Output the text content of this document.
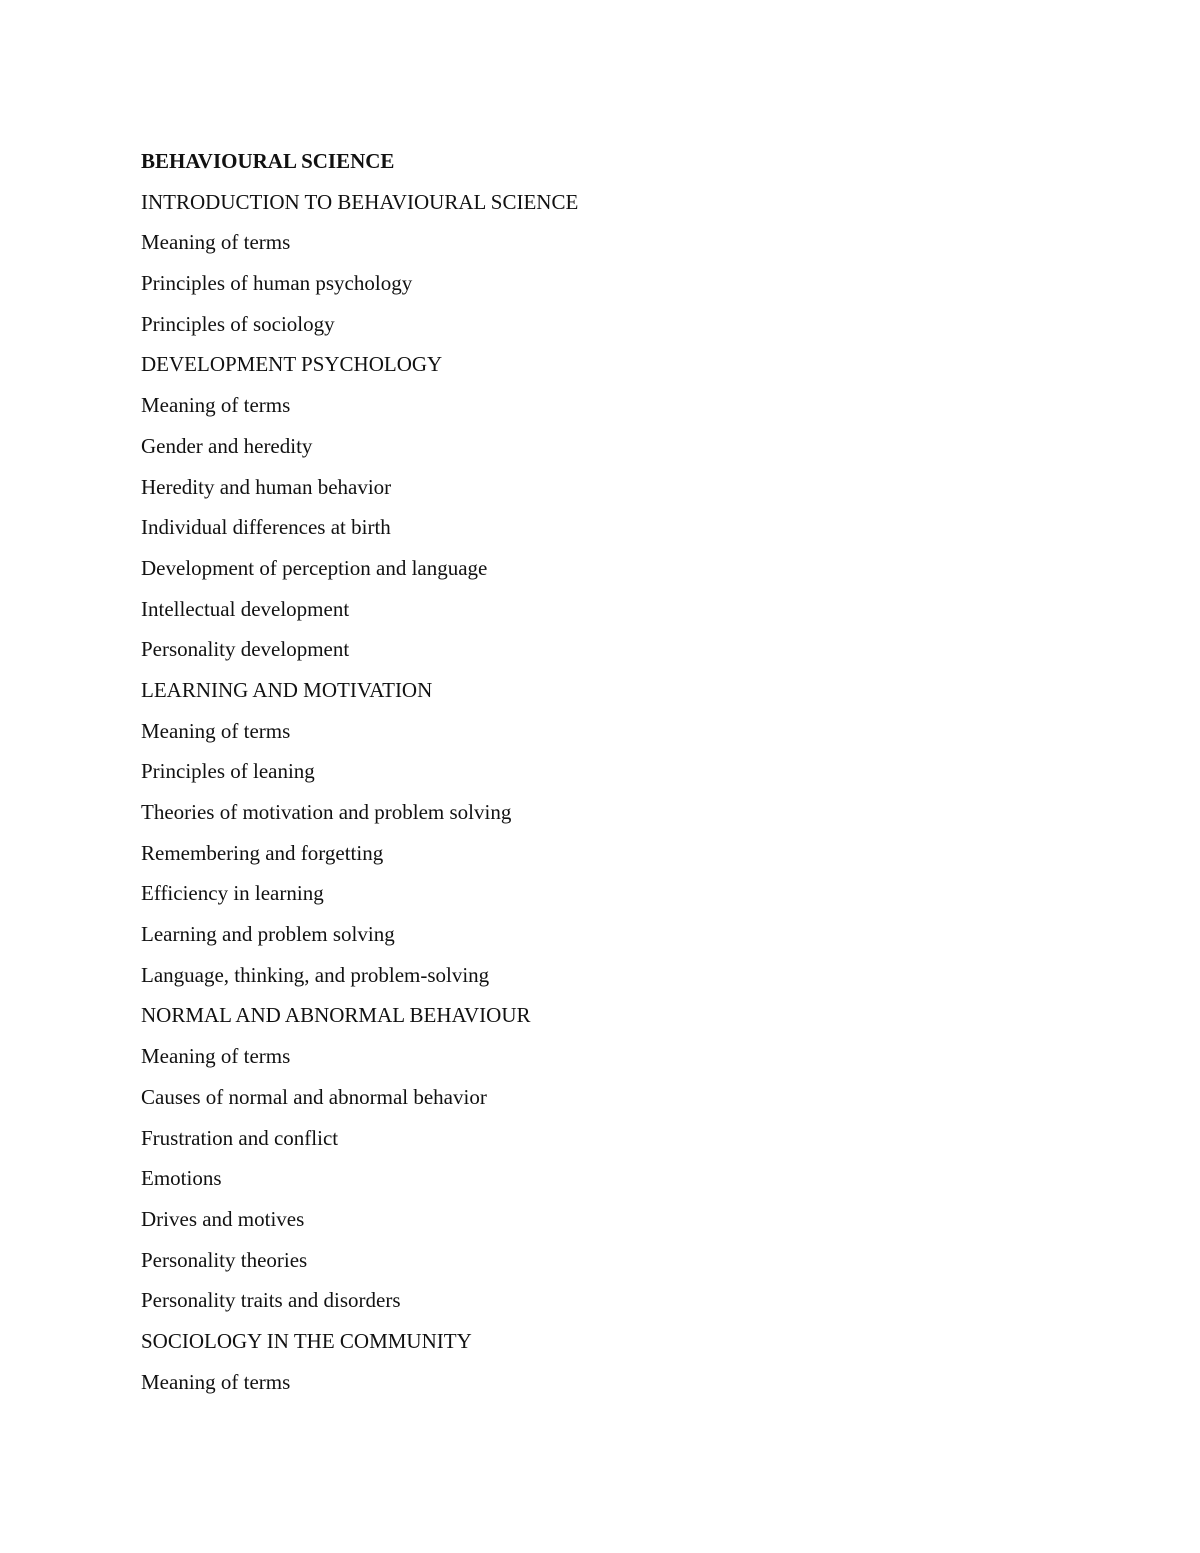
BEHAVIOURAL SCIENCE
INTRODUCTION TO BEHAVIOURAL SCIENCE
Meaning of terms
Principles of human psychology
Principles of sociology
DEVELOPMENT PSYCHOLOGY
Meaning of terms
Gender and heredity
Heredity and human behavior
Individual differences at birth
Development of perception and language
Intellectual development
Personality development
LEARNING AND MOTIVATION
Meaning of terms
Principles of leaning
Theories of motivation and problem solving
Remembering and forgetting
Efficiency in learning
Learning and problem solving
Language, thinking, and problem-solving
NORMAL AND ABNORMAL BEHAVIOUR
Meaning of terms
Causes of normal and abnormal behavior
Frustration and conflict
Emotions
Drives and motives
Personality theories
Personality traits and disorders
SOCIOLOGY IN THE COMMUNITY
Meaning of terms
